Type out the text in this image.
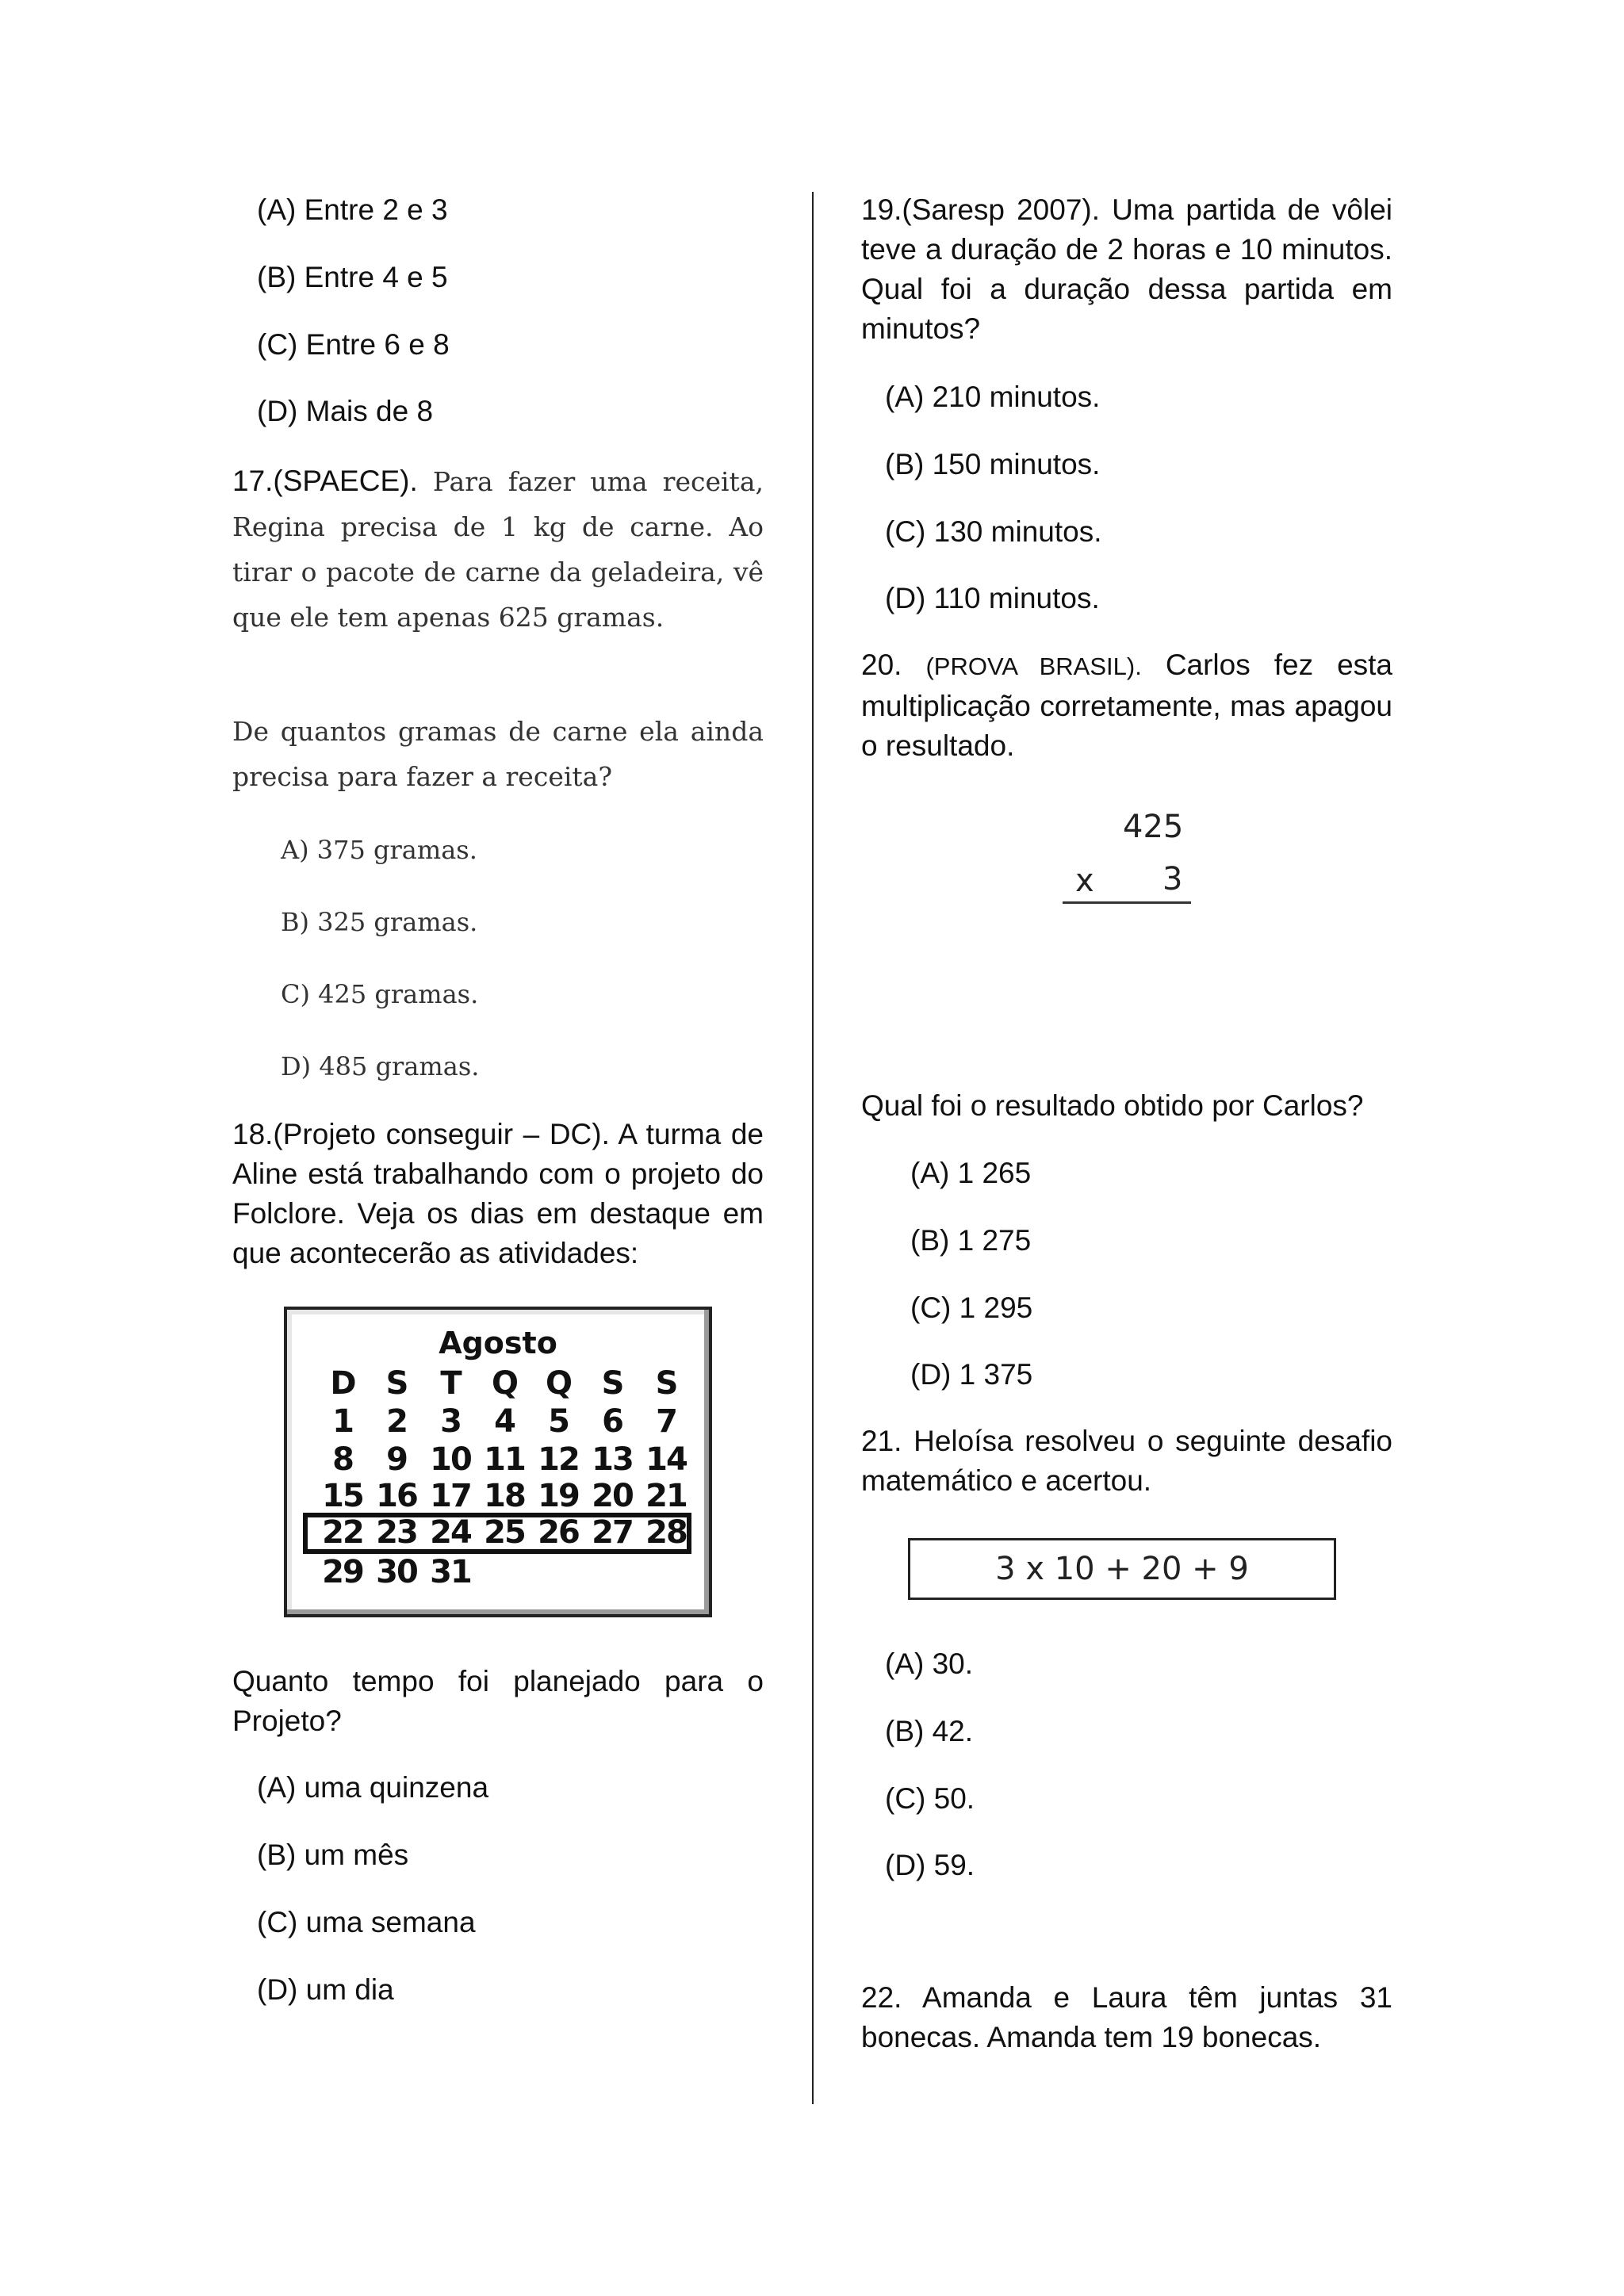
(A) Entre 2 e 3
(B) Entre 4 e 5
(C) Entre 6 e 8
(D) Mais de 8
17.(SPAECE). Para fazer uma receita, Regina precisa de 1 kg de carne. Ao tirar o pacote de carne da geladeira, vê que ele tem apenas 625 gramas.
De quantos gramas de carne ela ainda precisa para fazer a receita?
A) 375 gramas.
B) 325 gramas.
C) 425 gramas.
D) 485 gramas.
18.(Projeto conseguir – DC). A turma de Aline está trabalhando com o projeto do Folclore. Veja os dias em destaque em que acontecerão as atividades:
Agosto
D S	T Q Q S	S
1	2	3	4	5	6	7
8	9 10 11 12 13 14
15 16 17 18 19 20 21
22 23 24 25 26 27 28
29 30 31
Quanto tempo foi planejado para o Projeto?
(A) uma quinzena
(B) um mês
(C) uma semana
(D) um dia
19.(Saresp 2007). Uma partida de vôlei teve a duração de 2 horas e 10 minutos. Qual foi a duração dessa partida em minutos?
(A) 210 minutos.
(B) 150 minutos.
(C) 130 minutos.
(D) 110 minutos.
20. (PROVA BRASIL). Carlos fez esta multiplicação corretamente, mas apagou o resultado.
425
x 3
Qual foi o resultado obtido por Carlos?
(A) 1 265
(B) 1 275
(C) 1 295
(D) 1 375
21. Heloísa resolveu o seguinte desafio matemático e acertou.
3 x 10 + 20 + 9
(A) 30.
(B) 42.
(C) 50.
(D) 59.
22. Amanda e Laura têm juntas 31 bonecas. Amanda tem 19 bonecas.
